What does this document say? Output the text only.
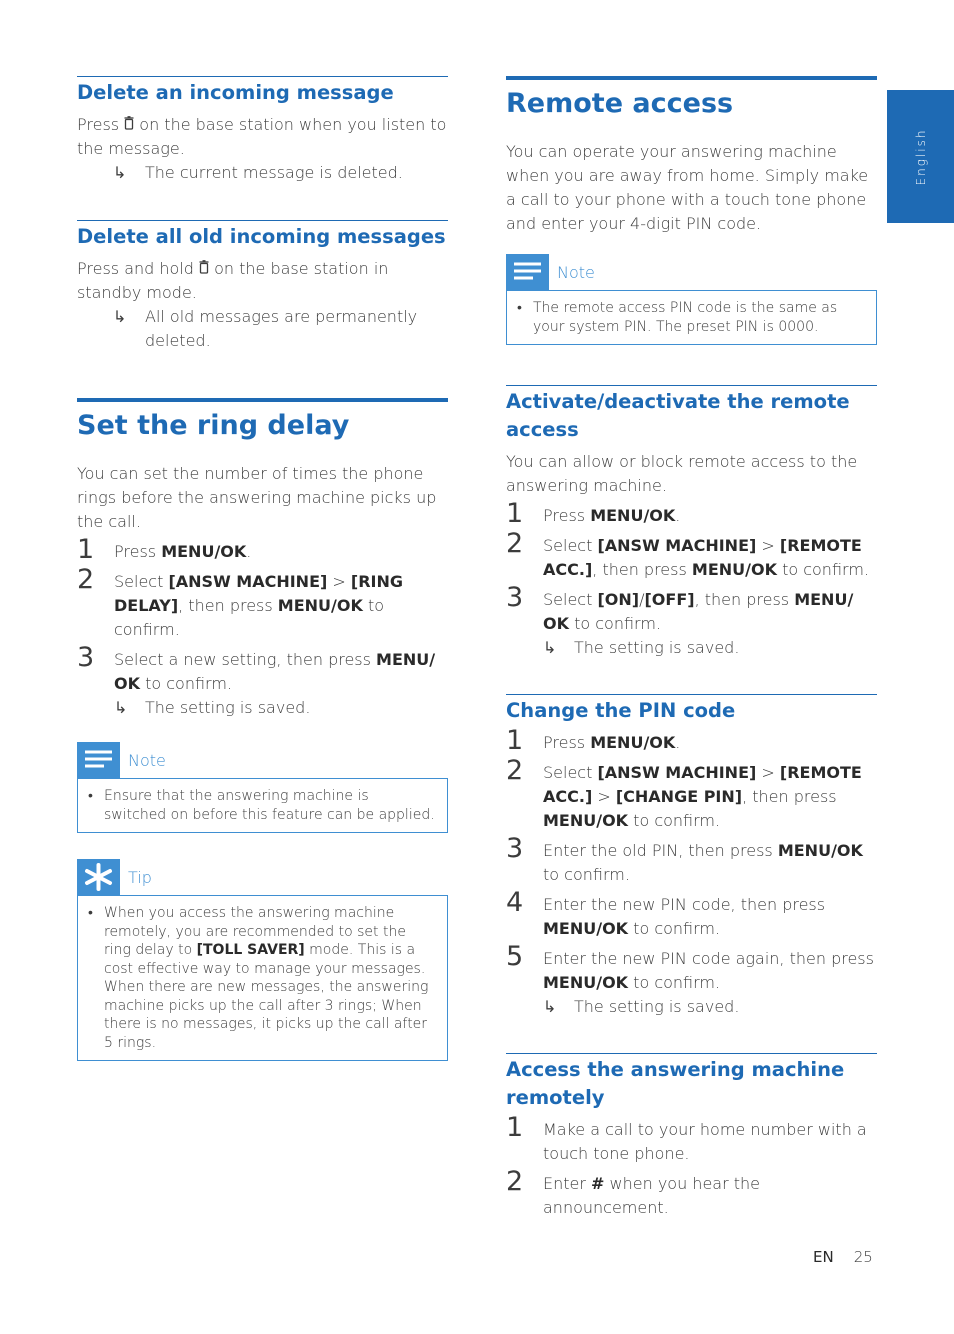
Delete an incoming message

Press  on the base station when you listen to the message.

↳ The current message is deleted.
Delete all old incoming messages

Press and hold  on the base station in standby mode.

↳ All old messages are permanently deleted.
Set the ring delay

You can set the number of times the phone rings before the answering machine picks up the call.

1 Press MENU/OK.
2 Select [ANSW MACHINE] > [RING DELAY], then press MENU/OK to confirm.
3 Select a new setting, then press MENU/ OK to confirm.
↳ The setting is saved.
Note
• Ensure that the answering machine is switched on before this feature can be applied.
Tip
• When you access the answering machine remotely, you are recommended to set the ring delay to [TOLL SAVER] mode. This is a cost effective way to manage your messages. When there are new messages, the answering machine picks up the call after 3 rings; When there is no messages, it picks up the call after 5 rings.
Remote access

You can operate your answering machine when you are away from home. Simply make a call to your phone with a touch tone phone and enter your 4-digit PIN code.

Note
• The remote access PIN code is the same as your system PIN. The preset PIN is 0000.
Activate/deactivate the remote access

You can allow or block remote access to the answering machine.

1 Press MENU/OK.
2 Select [ANSW MACHINE] > [REMOTE ACC.], then press MENU/OK to confirm.
3 Select [ON]/[OFF], then press MENU/ OK to confirm.
↳ The setting is saved.
Change the PIN code
1 Press MENU/OK.
2 Select [ANSW MACHINE] > [REMOTE ACC.] > [CHANGE PIN], then press MENU/OK to confirm.
3 Enter the old PIN, then press MENU/OK to confirm.
4 Enter the new PIN code, then press MENU/OK to confirm.
5 Enter the new PIN code again, then press MENU/OK to confirm.
↳ The setting is saved.
Access the answering machine remotely
1 Make a call to your home number with a touch tone phone.
2 Enter # when you hear the announcement.
English
EN 25
